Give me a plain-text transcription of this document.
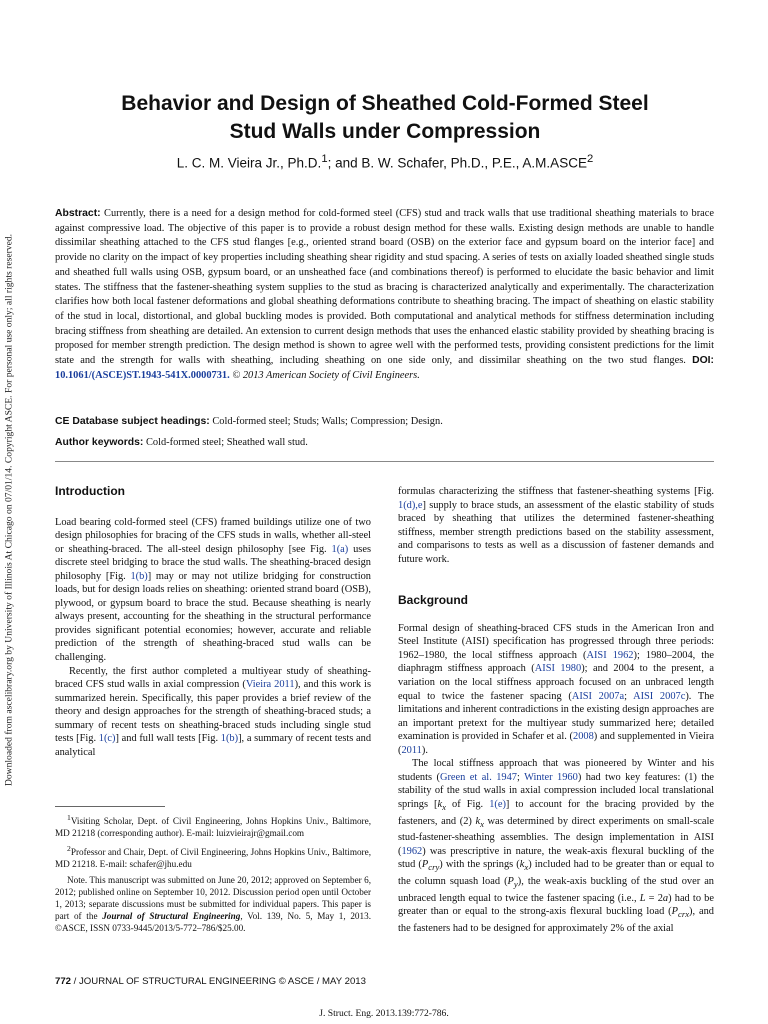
Downloaded from ascelibrary.org by University of Illinois At Chicago on 07/01/14. Copyright ASCE. For personal use only; all rights reserved.
Behavior and Design of Sheathed Cold-Formed Steel
Stud Walls under Compression
L. C. M. Vieira Jr., Ph.D.$^1$; and B. W. Schafer, Ph.D., P.E., A.M.ASCE$^2$
Abstract: Currently, there is a need for a design method for cold-formed steel (CFS) stud and track walls that use traditional sheathing materials to brace against compressive load. The objective of this paper is to provide a robust design method for these walls. Existing design methods are unable to handle dissimilar sheathing attached to the CFS stud flanges [e.g., oriented strand board (OSB) on the exterior face and gypsum board on the interior face] and provide no clarity on the impact of key properties including sheathing shear rigidity and stud spacing. A series of tests on axially loaded sheathed single studs and sheathed full walls using OSB, gypsum board, or an unsheathed face (and combinations thereof) is performed to elucidate the basic behavior and limit states. The stiffness that the fastener-sheathing system supplies to the stud as bracing is characterized analytically and experimentally. The characterization clarifies how both local fastener deformations and global sheathing deformations contribute to sheathing bracing. The impact of sheathing on elastic stability of the stud in local, distortional, and global buckling modes is provided. Both computational and analytical methods for stiffness determination including bracing stiffness from sheathing are detailed. An extension to current design methods that uses the enhanced elastic stability provided by sheathing bracing is proposed for member strength prediction. The design method is shown to agree well with the performed tests, providing consistent predictions for the limit state and the strength for walls with sheathing, including sheathing on one side only, and dissimilar sheathing on the two stud flanges. DOI: 10.1061/(ASCE)ST.1943-541X.0000731. © 2013 American Society of Civil Engineers.
CE Database subject headings: Cold-formed steel; Studs; Walls; Compression; Design.
Author keywords: Cold-formed steel; Sheathed wall stud.
Introduction

Load bearing cold-formed steel (CFS) framed buildings utilize one of two design philosophies for bracing of the CFS studs in walls, whether all-steel or sheathing-braced. The all-steel design philosophy [see Fig. 1(a) uses discrete steel bridging to brace the stud walls. The sheathing-braced design philosophy [Fig. 1(b)] may or may not utilize bridging for construction loads, but for design loads relies on sheathing: oriented strand board (OSB), plywood, or gypsum board to brace the stud. Because sheathing is nearly always present, accounting for the sheathing in the structural performance provides significant potential economies; however, accurate and reliable prediction of the strength of sheathing-braced stud walls can be challenging.

Recently, the first author completed a multiyear study of sheathing-braced CFS stud walls in axial compression (Vieira 2011), and this work is summarized herein. Specifically, this paper provides a brief review of the theory and design approaches for the strength of sheathing-braced studs; a summary of recent tests on sheathing-braced studs including single stud tests [Fig. 1(c)] and full wall tests [Fig. 1(b)], a summary of recent tests and analytical

$^1$Visiting Scholar, Dept. of Civil Engineering, Johns Hopkins Univ., Baltimore, MD 21218 (corresponding author). E-mail: luizvieirajr@gmail.com

$^2$Professor and Chair, Dept. of Civil Engineering, Johns Hopkins Univ., Baltimore, MD 21218. E-mail: schafer@jhu.edu

Note. This manuscript was submitted on June 20, 2012; approved on September 6, 2012; published online on September 10, 2012. Discussion period open until October 1, 2013; separate discussions must be submitted for individual papers. This paper is part of the Journal of Structural Engineering, Vol. 139, No. 5, May 1, 2013. ©ASCE, ISSN 0733-9445/2013/5-772–786/$25.00.

formulas characterizing the stiffness that fastener-sheathing systems [Fig. 1(d),e] supply to brace studs, an assessment of the elastic stability of studs braced by sheathing that utilizes the determined fastener-sheathing stiffness, member strength predictions based on the stability assessment, and comparisons to tests as well as a discussion of fastener demands and future work.

Background

Formal design of sheathing-braced CFS studs in the American Iron and Steel Institute (AISI) specification has progressed through three periods: 1962–1980, the local stiffness approach (AISI 1962); 1980–2004, the diaphragm stiffness approach (AISI 1980); and 2004 to the present, a variation on the local stiffness approach focused on an unbraced length equal to twice the fastener spacing (AISI 2007a; AISI 2007c). The limitations and inherent contradictions in the existing design approaches are an important pretext for the multiyear study summarized here; detailed examination is provided in Schafer et al. (2008) and supplemented in Vieira (2011).

The local stiffness approach that was pioneered by Winter and his students (Green et al. 1947; Winter 1960) had two key features: (1) the stability of the stud walls in axial compression included local translational springs [$k_x$ of Fig. 1(e)] to account for the bracing provided by the fasteners, and (2) $k_x$ was determined by direct experiments on small-scale stud-fastener-sheathing assemblies. The design implementation in AISI (1962) was prescriptive in nature, the weak-axis flexural buckling of the stud $(P_{cry})$ with the springs $(k_x)$ included had to be greater than or equal to the column squash load $(P_y)$, the weak-axis buckling of the stud over an unbraced length equal to twice the fastener spacing (i.e., L = 2a) had to be greater than or equal to the strong-axis flexural buckling load $(P_{crx})$, and the fasteners had to be designed for approximately 2% of the axial

772 / JOURNAL OF STRUCTURAL ENGINEERING © ASCE / MAY 2013
J. Struct. Eng. 2013.139:772-786.
